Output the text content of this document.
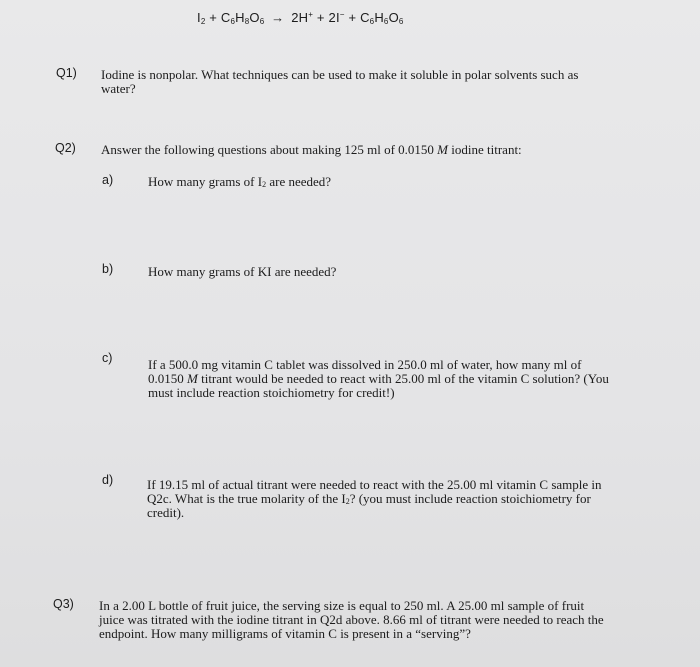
$I_2 + C_6H_8O_6 \to 2H^+ + 2I^- + C_6H_6O_6$
Q1) Iodine is nonpolar. What techniques can be used to make it soluble in polar solvents such as
water?
Q2) Answer the following questions about making 125 ml of 0.0150 M iodine titrant:
a)	How many grams of $I_2$ are needed?
b)	How many grams of KI are needed?
c)	If a 500.0 mg vitamin C tablet was dissolved in 250.0 ml of water, how many ml of
0.0150 M titrant would be needed to react with 25.00 ml of the vitamin C solution? (You
must include reaction stoichiometry for credit!)
d)	If 19.15 ml of actual titrant were needed to react with the 25.00 ml vitamin C sample in
Q2c. What is the true molarity of the $I_2$? (you must include reaction stoichiometry for
credit).
Q3) In a 2.00 L bottle of fruit juice, the serving size is equal to 250 ml. A 25.00 ml sample of fruit
juice was titrated with the iodine titrant in Q2d above. 8.66 ml of titrant were needed to reach the
endpoint. How many milligrams of vitamin C is present in a “serving”?
